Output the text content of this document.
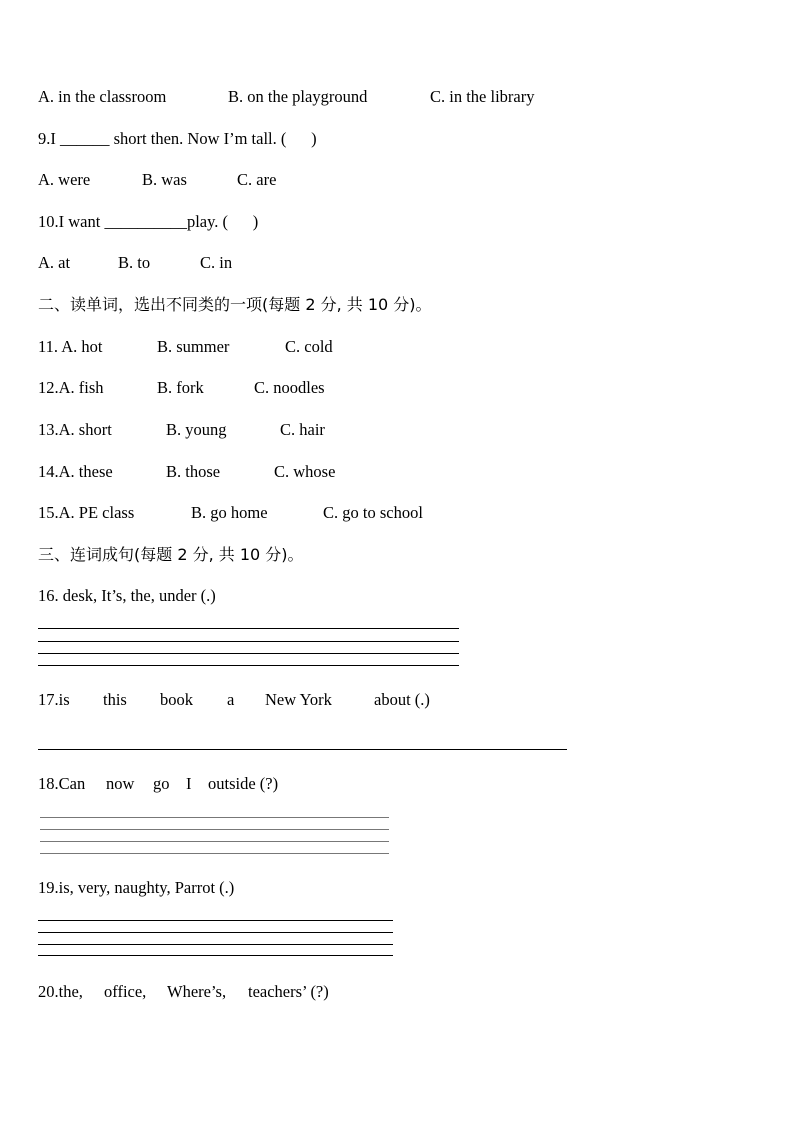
A. in the classroom	B. on the playground	C. in the library
9.I ______ short then. Now I’m tall. (      )
A. were	B. was	C. are
10.I want __________play. (      )
A. at	B. to	C. in
二、读单词，选出不同类的一项(每题 2 分, 共 10 分)。
11. A. hot	B. summer	C. cold
12.A. fish	B. fork	C. noodles
13.A. short	B. young	C. hair
14.A. these	B. those	C. whose
15.A. PE class	B. go home	C. go to school
三、连词成句(每题 2 分, 共 10 分)。
16. desk, It’s, the, under (.)
17.is this book a New York	about (.)
18.Can now go I outside (?)
19.is, very, naughty, Parrot (.)
20.the, office, Where’s, teachers’ (?)
